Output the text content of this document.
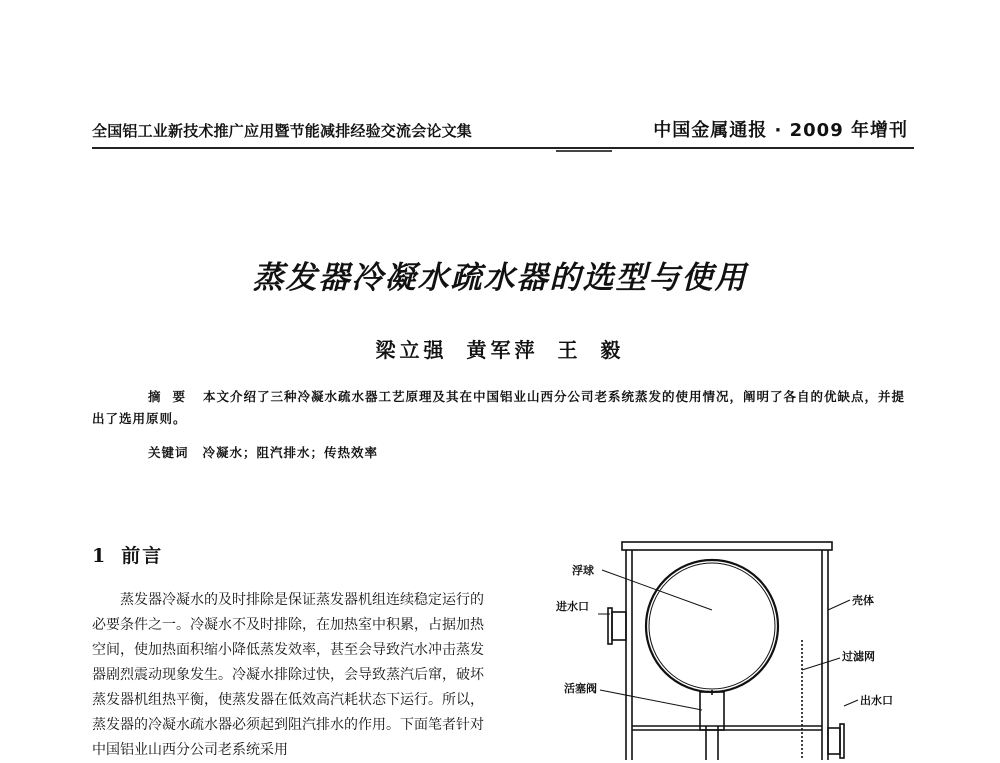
全国铝工业新技术推广应用暨节能减排经验交流会论文集	中国金属通报 · 2009 年增刊
蒸发器冷凝水疏水器的选型与使用
梁立强 黄军萍 王 毅
摘要 本文介绍了三种冷凝水疏水器工艺原理及其在中国铝业山西分公司老系统蒸发的使用情况，阐明了各自的优缺点，并提出了选用原则。
关键词 冷凝水；阻汽排水；传热效率
1 前言

蒸发器冷凝水的及时排除是保证蒸发器机组连续稳定运行的必要条件之一。冷凝水不及时排除，在加热室中积累，占据加热空间，使加热面积缩小降低蒸发效率，甚至会导致汽水冲击蒸发器剧烈震动现象发生。冷凝水排除过快，会导致蒸汽后窜，破坏蒸发器机组热平衡，使蒸发器在低效高汽耗状态下运行。所以，蒸发器的冷凝水疏水器必须起到阻汽排水的作用。下面笔者针对中国铝业山西分公司老系统采用

浮球
进水口	壳体
过滤网
活塞阀
出水口
